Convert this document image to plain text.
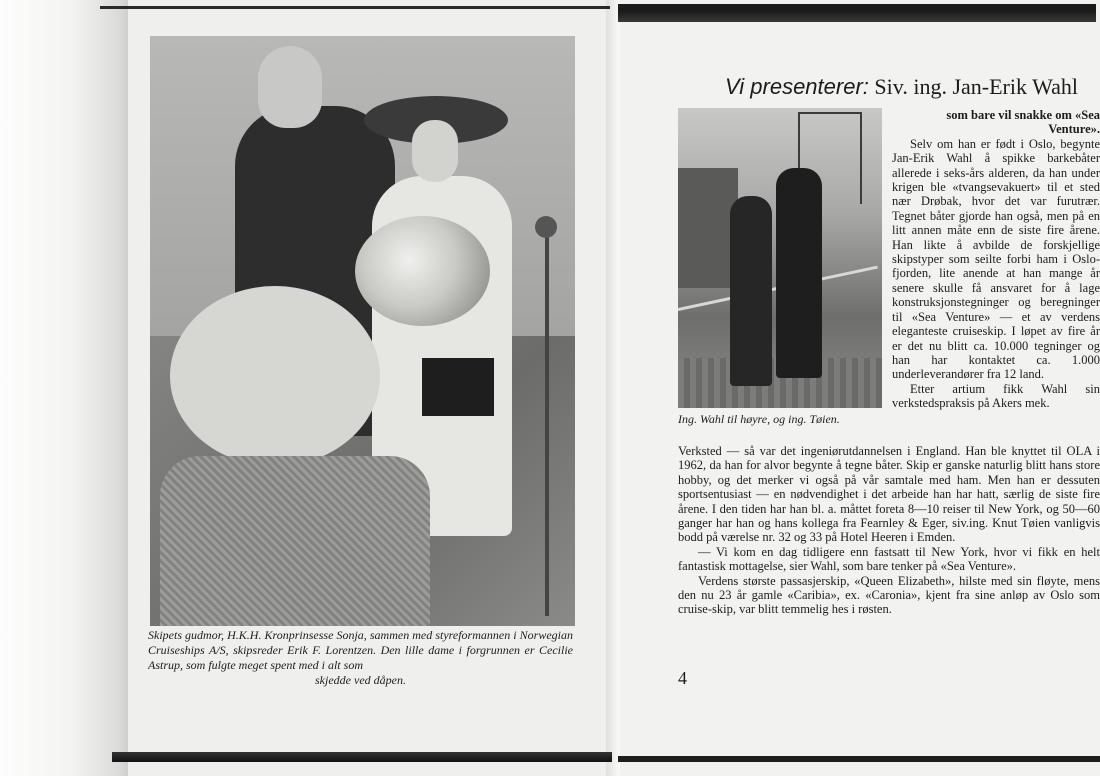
Skipets gudmor, H.K.H. Kronprinsesse Sonja, sammen med styreformannen i Norwegian Cruiseships A/S, skipsreder Erik F. Lorentzen. Den lille dame i forgrunnen er Cecilie Astrup, som fulgte meget spent med i alt som
skjedde ved dåpen.
Vi presenterer: Siv. ing. Jan-Erik Wahl
Ing. Wahl til høyre, og ing. Tøien.

som bare vil snakke om «Sea Venture».

Selv om han er født i Oslo, begynte Jan-Erik Wahl å spikke barkebåter allerede i seks-års alderen, da han under krigen ble «tvangsevakuert» til et sted nær Drøbak, hvor det var furutrær. Tegnet båter gjorde han også, men på en litt annen måte enn de siste fire årene. Han likte å avbilde de forskjellige skipstyper som seilte forbi ham i Oslo-fjorden, lite anende at han mange år senere skulle få ansvaret for å lage konstruksjonstegninger og beregninger til «Sea Venture» — et av verdens eleganteste cruiseskip. I løpet av fire år er det nu blitt ca. 10.000 tegninger og han har kontaktet ca. 1.000 underleverandører fra 12 land.

Etter artium fikk Wahl sin verkstedspraksis på Akers mek.

Verksted — så var det ingeniørutdannelsen i England. Han ble knyttet til OLA i 1962, da han for alvor begynte å tegne båter. Skip er ganske naturlig blitt hans store hobby, og det merker vi også på vår samtale med ham. Men han er dessuten sportsentusiast — en nødvendighet i det arbeide han har hatt, særlig de siste fire årene. I den tiden har han bl. a. måttet foreta 8—10 reiser til New York, og 50—60 ganger har han og hans kollega fra Fearnley & Eger, siv.ing. Knut Tøien vanligvis bodd på værelse nr. 32 og 33 på Hotel Heeren i Emden.

— Vi kom en dag tidligere enn fastsatt til New York, hvor vi fikk en helt fantastisk mottagelse, sier Wahl, som bare tenker på «Sea Venture».

Verdens største passasjerskip, «Queen Elizabeth», hilste med sin fløyte, mens den nu 23 år gamle «Caribia», ex. «Caronia», kjent fra sine anløp av Oslo som cruise-skip, var blitt temmelig hes i røsten.

4
